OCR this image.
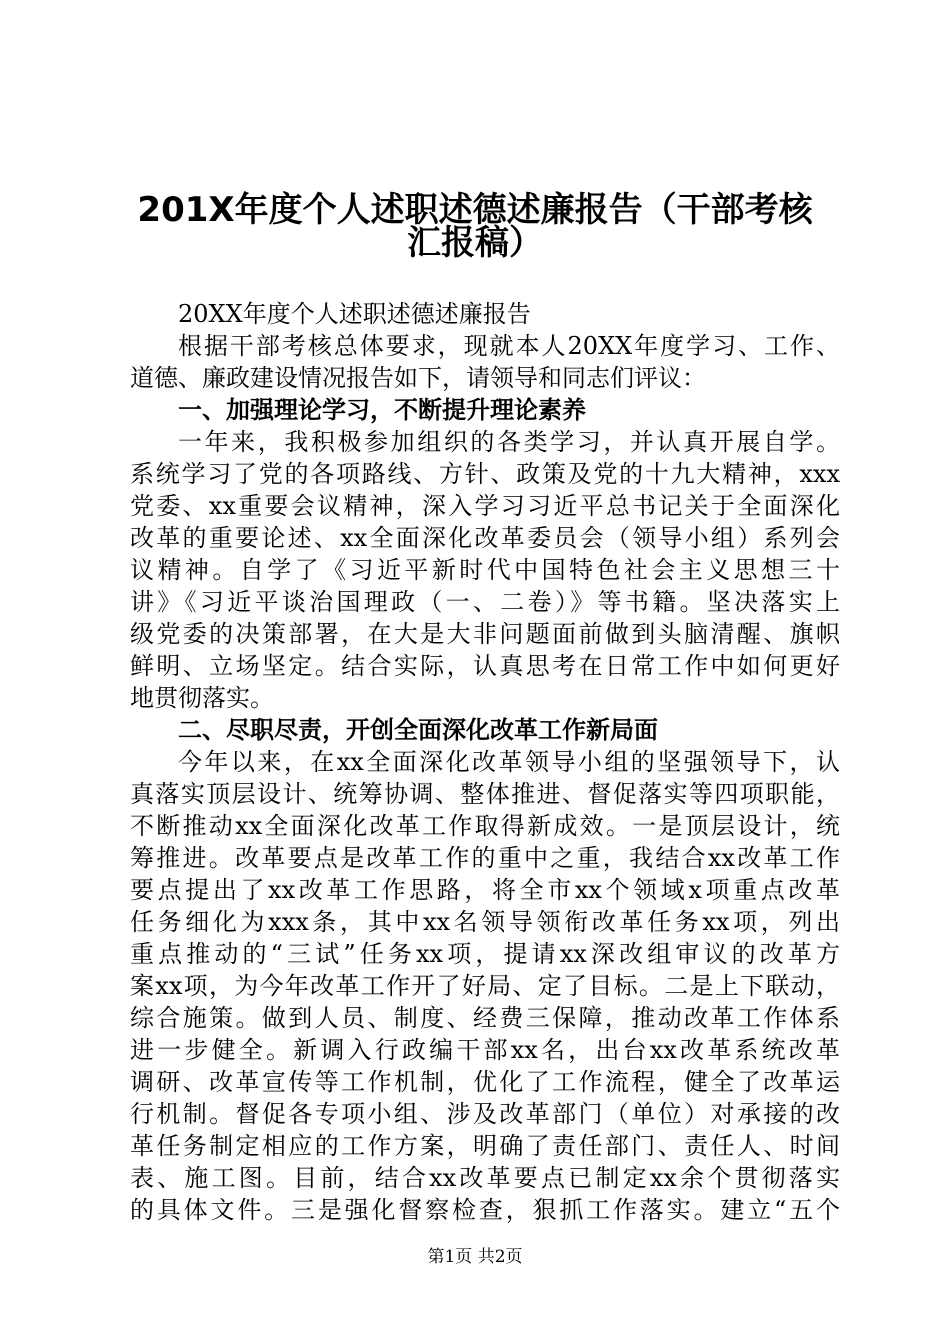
201X年度个人述职述德述廉报告（干部考核
汇报稿）
20XX年度个人述职述德述廉报告
根据干部考核总体要求，现就本人20XX年度学习、工作、
道德、廉政建设情况报告如下，请领导和同志们评议：
一、加强理论学习，不断提升理论素养
一年来，我积极参加组织的各类学习，并认真开展自学。
系统学习了党的各项路线、方针、政策及党的十九大精神，xxx
党委、xx重要会议精神，深入学习习近平总书记关于全面深化
改革的重要论述、xx全面深化改革委员会（领导小组）系列会
议精神。自学了《习近平新时代中国特色社会主义思想三十
讲》《习近平谈治国理政（一、二卷）》等书籍。坚决落实上
级党委的决策部署，在大是大非问题面前做到头脑清醒、旗帜
鲜明、立场坚定。结合实际，认真思考在日常工作中如何更好
地贯彻落实。
二、尽职尽责，开创全面深化改革工作新局面
今年以来，在xx全面深化改革领导小组的坚强领导下，认
真落实顶层设计、统筹协调、整体推进、督促落实等四项职能，
不断推动xx全面深化改革工作取得新成效。一是顶层设计，统
筹推进。改革要点是改革工作的重中之重，我结合xx改革工作
要点提出了xx改革工作思路，将全市xx个领域x项重点改革
任务细化为xxx条，其中xx名领导领衔改革任务xx项，列出
重点推动的“三试”任务xx项，提请xx深改组审议的改革方
案xx项，为今年改革工作开了好局、定了目标。二是上下联动，
综合施策。做到人员、制度、经费三保障，推动改革工作体系
进一步健全。新调入行政编干部xx名，出台xx改革系统改革
调研、改革宣传等工作机制，优化了工作流程，健全了改革运
行机制。督促各专项小组、涉及改革部门（单位）对承接的改
革任务制定相应的工作方案，明确了责任部门、责任人、时间
表、施工图。目前，结合xx改革要点已制定xx余个贯彻落实
的具体文件。三是强化督察检查，狠抓工作落实。建立“五个
第1页 共2页
